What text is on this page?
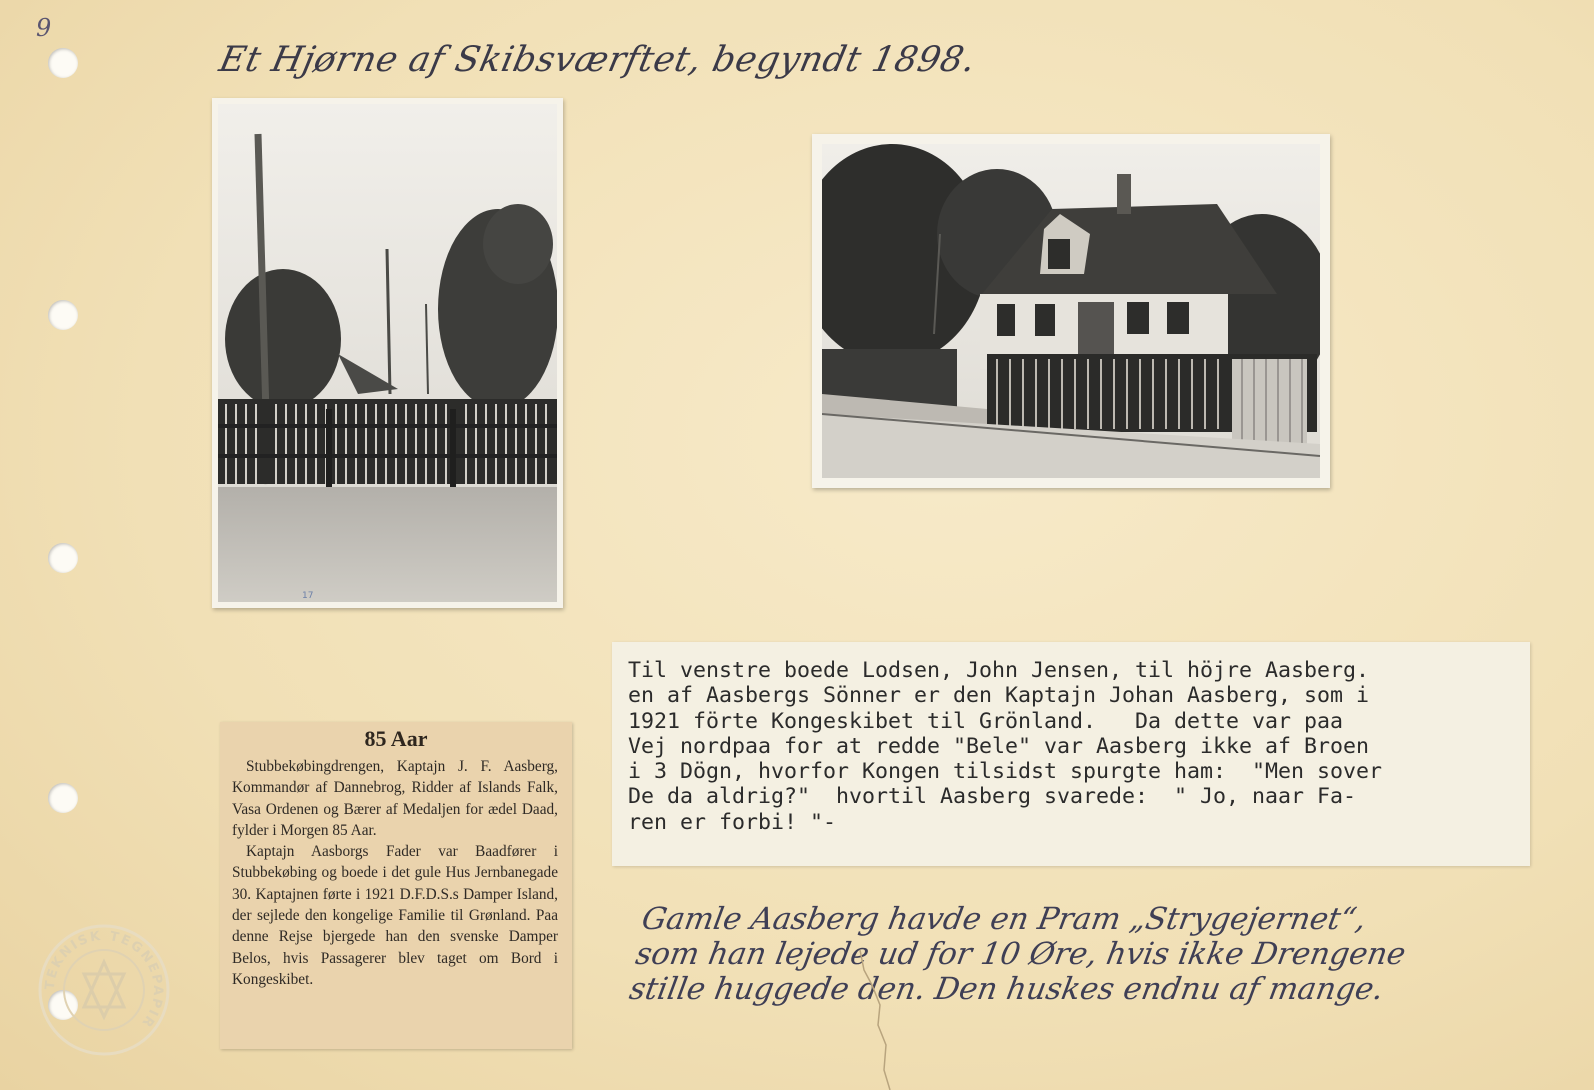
9
Et Hjørne af Skibsværftet, begyndt 1898.
17
85 Aar

Stubbekøbingdrengen, Kaptajn J. F. Aasberg, Kommandør af Dannebrog, Ridder af Islands Falk, Vasa Ordenen og Bærer af Medaljen for ædel Daad, fylder i Morgen 85 Aar.

Kaptajn Aasborgs Fader var Baadfører i Stubbekøbing og boede i det gule Hus Jernbanegade 30. Kaptajnen førte i 1921 D.F.D.S.s Damper Island, der sejlede den kongelige Familie til Grønland. Paa denne Rejse bjergede han den svenske Damper Belos, hvis Passagerer blev taget om Bord i Kongeskibet.

Til venstre boede Lodsen, John Jensen, til höjre Aasberg.
en af Aasbergs Sönner er den Kaptajn Johan Aasberg, som i
1921 förte Kongeskibet til Grönland.   Da dette var paa
Vej nordpaa for at redde "Bele" var Aasberg ikke af Broen
i 3 Dögn, hvorfor Kongen tilsidst spurgte ham:  "Men sover
De da aldrig?"  hvortil Aasberg svarede:  " Jo, naar Fa-
ren er forbi! "-
Gamle Aasberg havde en Pram „Strygejernet“,
som han lejede ud for 10 Øre, hvis ikke Drengene
stille huggede den. Den huskes endnu af mange.
TEKNISK TEGNEPAPIR
